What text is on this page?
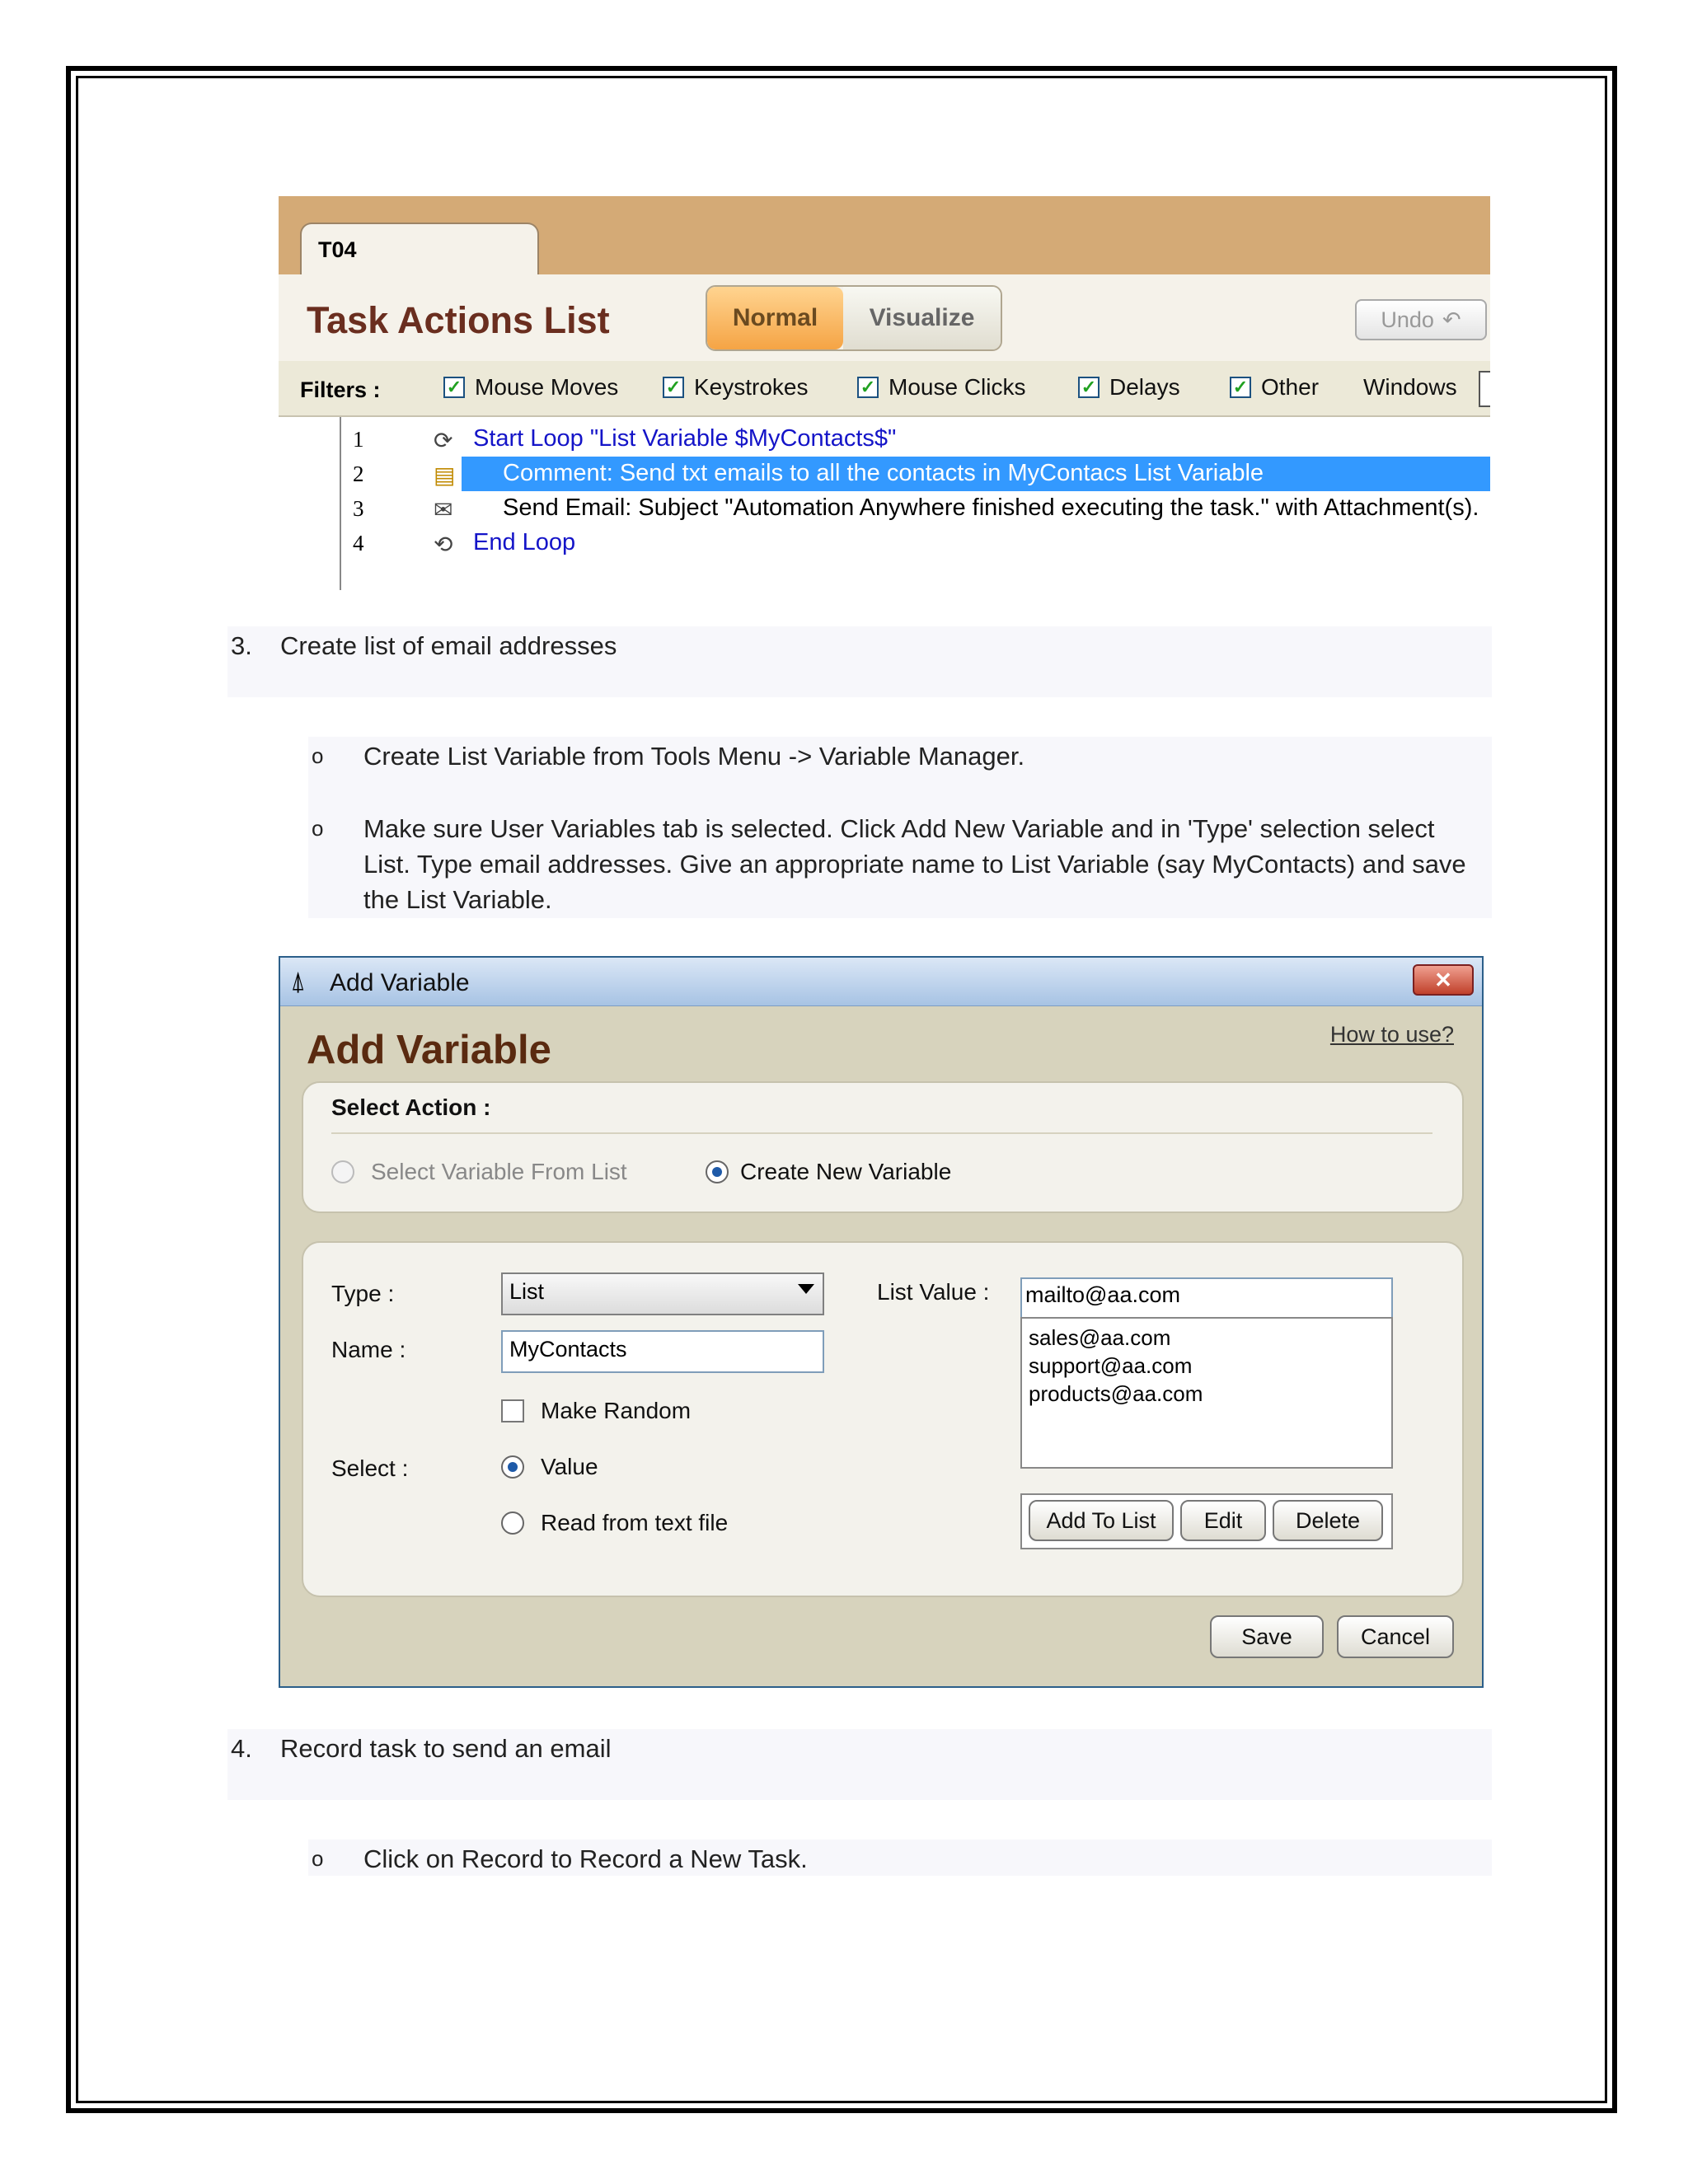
T04
Task Actions List	Normal	Visualize	Undo ↶
Filters :	✓ Mouse Moves	✓ Keystrokes	✓ Mouse Clicks	✓ Delays	✓ Other Windows
1	⟳ Start Loop "List Variable $MyContacts$"
2	▤ Comment: Send txt emails to all the contacts in MyContacs List Variable
3	✉ Send Email: Subject "Automation Anywhere finished executing the task." with Attachment(s).
4	⟲ End Loop
3. Create list of email addresses
o Create List Variable from Tools Menu -> Variable Manager.
o Make sure User Variables tab is selected. Click Add New Variable and in 'Type' selection select List. Type email addresses. Give an appropriate name to List Variable (say MyContacts) and save the List Variable.
⍋ Add Variable	✕
Add Variable	How to use?
Select Action :
Select Variable From List	Create New Variable
Type :	List
Name :	MyContacts
Make Random
Select :	Value
Read from text file
List Value : mailto@aa.com
sales@aa.com
support@aa.com
products@aa.com
Add To List	Edit	Delete
Save	Cancel
4. Record task to send an email
o Click on Record to Record a New Task.
